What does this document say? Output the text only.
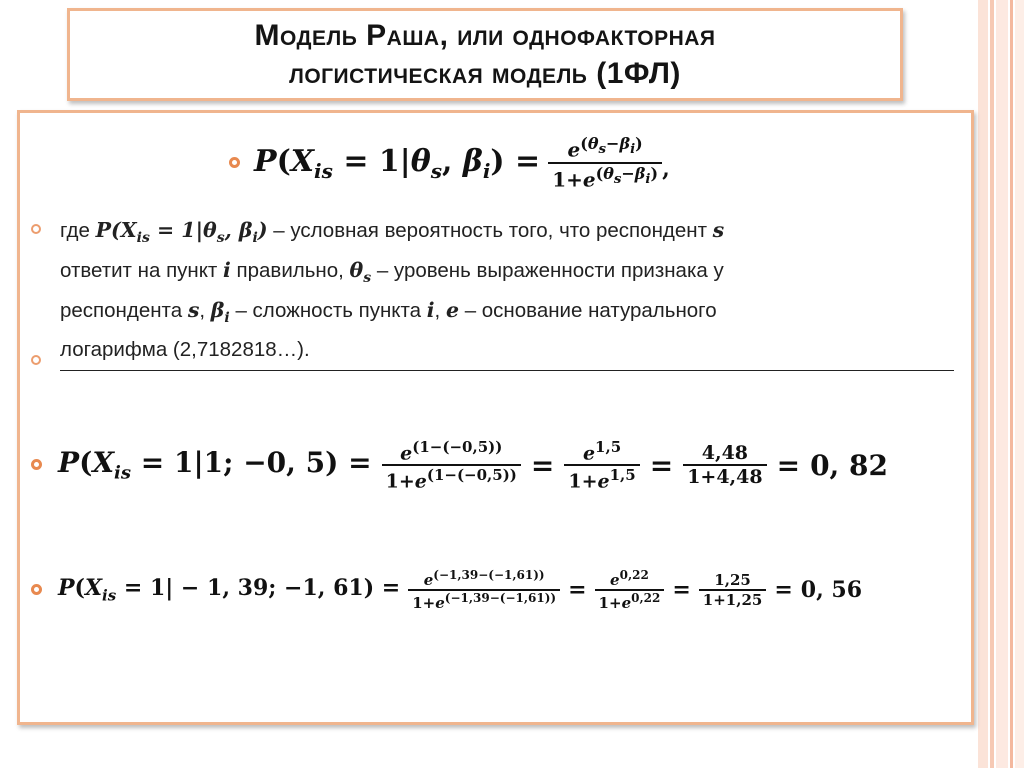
Модель Раша, или однофакторная
логистическая модель (1ФЛ)
$P(X_{is} = 1|\theta_s$, $\beta_i) = \frac{e^{(\theta_s-\beta_i)}}{1+e^{(\theta_s-\beta_i)}}$ ,
где $P(X_{is} = 1|\theta_s$, $\beta_i$) – условная вероятность того, что респондент s
ответит на пункт i правильно, $\theta_s$ – уровень выраженности признака у
респондента s, $\beta_i$ – сложность пункта i, e – основание натурального
логарифма (2,7182818…).
$P(X_{is} = 1|1$; −0, $5) = \frac{e^{(1-(-0,5))}}{1+e^{(1-(-0,5))}} = \frac{e^{1,5}}{1+e^{1,5}} = \frac{4,48}{1+4,48} = 0$, 82
$P(X_{is} = 1| - 1$, 39; −1, $61) = \frac{e^{(-1,39-(-1,61))}}{1+e^{(-1,39-(-1,61))}} = \frac{e^{0,22}}{1+e^{0,22}} = \frac{1,25}{1+1,25} = 0$, 56
